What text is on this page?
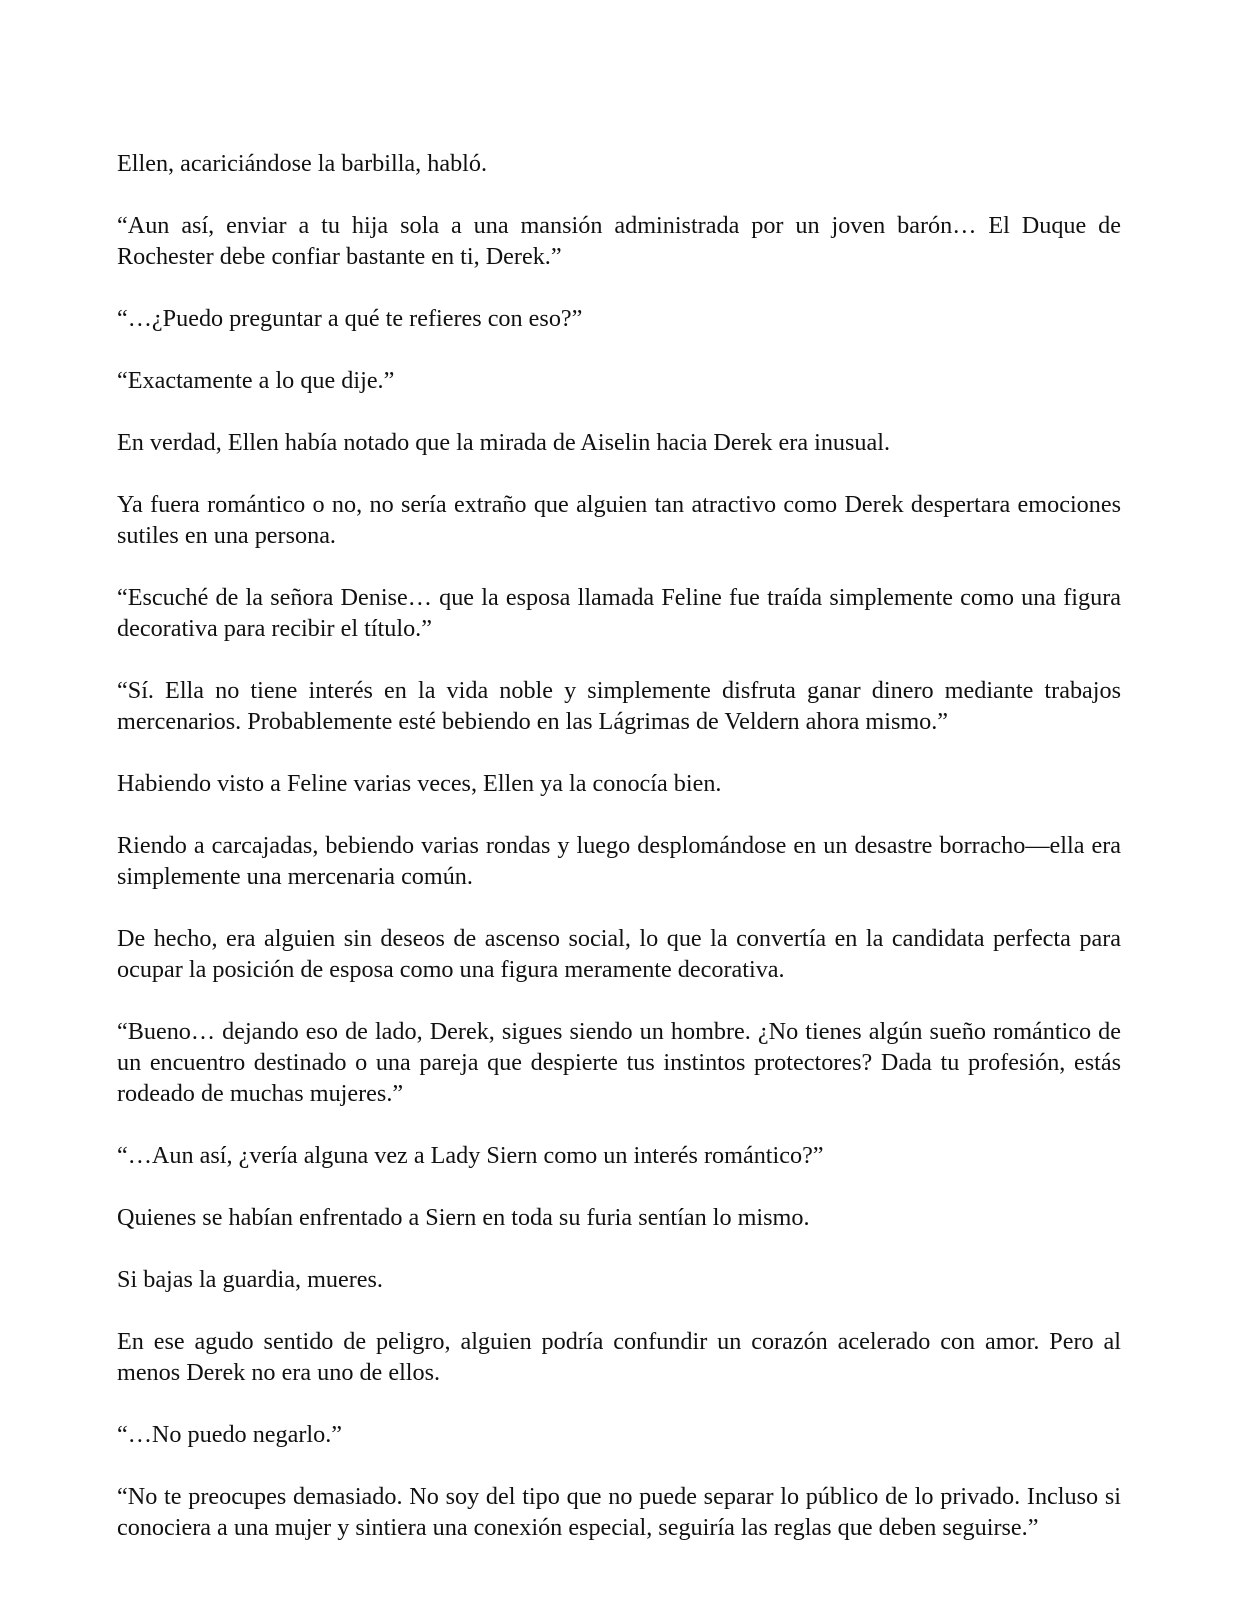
Ellen, acariciándose la barbilla, habló.

“Aun así, enviar a tu hija sola a una mansión administrada por un joven barón… El Duque de Rochester debe confiar bastante en ti, Derek.”

“…¿Puedo preguntar a qué te refieres con eso?”

“Exactamente a lo que dije.”

En verdad, Ellen había notado que la mirada de Aiselin hacia Derek era inusual.

Ya fuera romántico o no, no sería extraño que alguien tan atractivo como Derek despertara emociones sutiles en una persona.

“Escuché de la señora Denise… que la esposa llamada Feline fue traída simplemente como una figura decorativa para recibir el título.”

“Sí. Ella no tiene interés en la vida noble y simplemente disfruta ganar dinero mediante trabajos mercenarios. Probablemente esté bebiendo en las Lágrimas de Veldern ahora mismo.”

Habiendo visto a Feline varias veces, Ellen ya la conocía bien.

Riendo a carcajadas, bebiendo varias rondas y luego desplomándose en un desastre borracho—ella era simplemente una mercenaria común.

De hecho, era alguien sin deseos de ascenso social, lo que la convertía en la candidata perfecta para ocupar la posición de esposa como una figura meramente decorativa.

“Bueno… dejando eso de lado, Derek, sigues siendo un hombre. ¿No tienes algún sueño romántico de un encuentro destinado o una pareja que despierte tus instintos protectores? Dada tu profesión, estás rodeado de muchas mujeres.”

“…Aun así, ¿vería alguna vez a Lady Siern como un interés romántico?”

Quienes se habían enfrentado a Siern en toda su furia sentían lo mismo.

Si bajas la guardia, mueres.

En ese agudo sentido de peligro, alguien podría confundir un corazón acelerado con amor. Pero al menos Derek no era uno de ellos.

“…No puedo negarlo.”

“No te preocupes demasiado. No soy del tipo que no puede separar lo público de lo privado. Incluso si conociera a una mujer y sintiera una conexión especial, seguiría las reglas que deben seguirse.”
